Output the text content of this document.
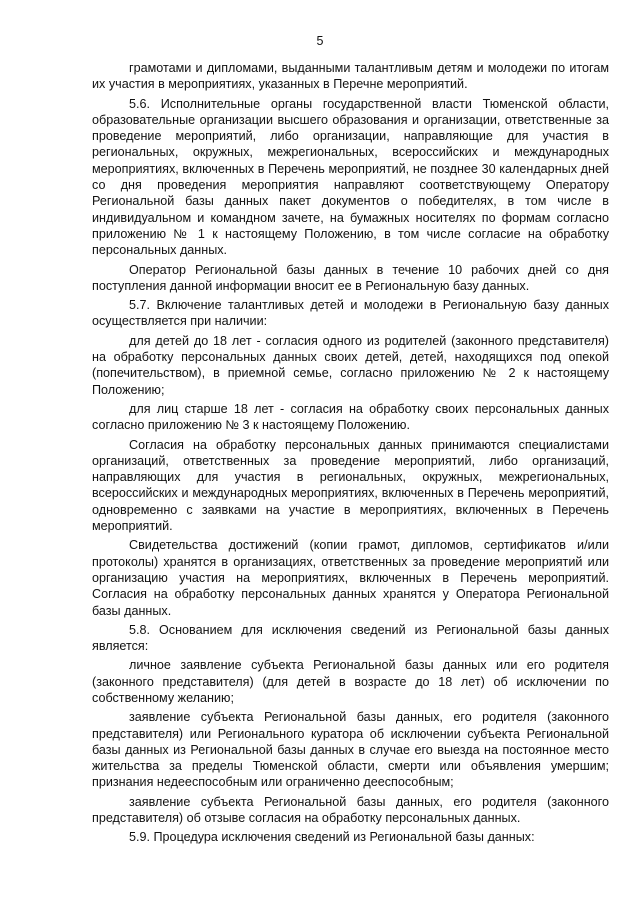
5

грамотами и дипломами, выданными талантливым детям и молодежи по итогам их участия в мероприятиях, указанных в Перечне мероприятий.

5.6. Исполнительные органы государственной власти Тюменской области, образовательные организации высшего образования и организации, ответственные за проведение мероприятий, либо организации, направляющие для участия в региональных, окружных, межрегиональных, всероссийских и международных мероприятиях, включенных в Перечень мероприятий, не позднее 30 календарных дней со дня проведения мероприятия направляют соответствующему Оператору Региональной базы данных пакет документов о победителях, в том числе в индивидуальном и командном зачете, на бумажных носителях по формам согласно приложению № 1 к настоящему Положению, в том числе согласие на обработку персональных данных.

Оператор Региональной базы данных в течение 10 рабочих дней со дня поступления данной информации вносит ее в Региональную базу данных.

5.7. Включение талантливых детей и молодежи в Региональную базу данных осуществляется при наличии:

для детей до 18 лет - согласия одного из родителей (законного представителя) на обработку персональных данных своих детей, детей, находящихся под опекой (попечительством), в приемной семье, согласно приложению № 2 к настоящему Положению;

для лиц старше 18 лет - согласия на обработку своих персональных данных согласно приложению № 3 к настоящему Положению.

Согласия на обработку персональных данных принимаются специалистами организаций, ответственных за проведение мероприятий, либо организаций, направляющих для участия в региональных, окружных, межрегиональных, всероссийских и международных мероприятиях, включенных в Перечень мероприятий, одновременно с заявками на участие в мероприятиях, включенных в Перечень мероприятий.

Свидетельства достижений (копии грамот, дипломов, сертификатов и/или протоколы) хранятся в организациях, ответственных за проведение мероприятий или организацию участия на мероприятиях, включенных в Перечень мероприятий. Согласия на обработку персональных данных хранятся у Оператора Региональной базы данных.

5.8. Основанием для исключения сведений из Региональной базы данных является:

личное заявление субъекта Региональной базы данных или его родителя (законного представителя) (для детей в возрасте до 18 лет) об исключении по собственному желанию;

заявление субъекта Региональной базы данных, его родителя (законного представителя) или Регионального куратора об исключении субъекта Региональной базы данных из Региональной базы данных в случае его выезда на постоянное место жительства за пределы Тюменской области, смерти или объявления умершим; признания недееспособным или ограниченно дееспособным;

заявление субъекта Региональной базы данных, его родителя (законного представителя) об отзыве согласия на обработку персональных данных.

5.9. Процедура исключения сведений из Региональной базы данных:
